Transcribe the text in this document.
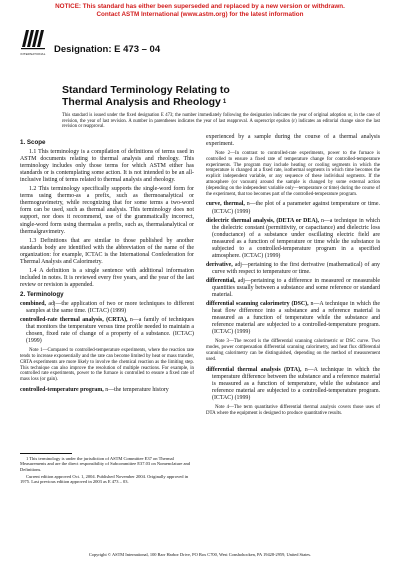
NOTICE: This standard has either been superseded and replaced by a new version or withdrawn.
Contact ASTM International (www.astm.org) for the latest information
INTERNATIONAL Designation: E 473 – 04
Standard Terminology Relating to
Thermal Analysis and Rheology $^1$
This standard is issued under the fixed designation E 473; the number immediately following the designation indicates the year of original adoption or, in the case of revision, the year of last revision. A number in parentheses indicates the year of last reapproval. A superscript epsilon (ε) indicates an editorial change since the last revision or reapproval.
1. Scope

1.1 This terminology is a compilation of definitions of terms used in ASTM documents relating to thermal analysis and rheology. This terminology includes only those terms for which ASTM either has standards or is contemplating some action. It is not intended to be an all-inclusive listing of terms related to thermal analysis and rheology.

1.2 This terminology specifically supports the single-word form for terms using thermo-as a prefix, such as thermoanalytical or thermogravimetry, while recognizing that for some terms a two-word form can be used, such as thermal analysis. This terminology does not support, nor does it recommend, use of the grammatically incorrect, single-word form using thermalas a prefix, such as, thermalanalytical or thermalgravimetry.

1.3 Definitions that are similar to those published by another standards body are identified with the abbreviation of the name of the organization: for example, ICTAC is the International Confederation for Thermal Analysis and Calorimetry.

1.4 A definition is a single sentence with additional information included in notes. It is reviewed every five years, and the year of the last review or revision is appended.

2. Terminology

combined, adj—the application of two or more techniques to different samples at the same time. (ICTAC) (1999)

controlled-rate thermal analysis, (CRTA), n—a family of techniques that monitors the temperature versus time profile needed to maintain a chosen, fixed rate of change of a property of a substance. (ICTAC) (1999)

Note 1—Compared to controlled-temperature experiments, where the reaction rate tends to increase exponentially and the rate can become limited by heat or mass transfer, CRTA experiments are more likely to involve the chemical reaction as the limiting step. This technique can also improve the resolution of multiple reactions. For example, in controlled rate experiments, power to the furnace is controlled to ensure a fixed rate of mass loss (or gain).

controlled-temperature program, n—the temperature history

experienced by a sample during the course of a thermal analysis experiment.

Note 2—In contrast to controlled-rate experiments, power to the furnace is controlled to ensure a fixed rate of temperature change for controlled-temperature experiments. The program may include heating or cooling segments in which the temperature is changed at a fixed rate, isothermal segments in which time becomes the explicit independent variable, or any sequence of these individual segments. If the atmosphere (or vacuum) around the sample is changed by some external action (depending on the independent variable only—temperature or time) during the course of the experiment, that too becomes part of the controlled-temperature program.

curve, thermal, n—the plot of a parameter against temperature or time. (ICTAC) (1999)

dielectric thermal analysis, (DETA or DEA), n—a technique in which the dielectric constant (permittivity, or capacitance) and dielectric loss (conductance) of a substance under oscillating electric field are measured as a function of temperature or time while the substance is subjected to a controlled-temperature program in a specified atmosphere. (ICTAC) (1999)

derivative, adj—pertaining to the first derivative (mathematical) of any curve with respect to temperature or time.

differential, adj—pertaining to a difference in measured or measurable quantities usually between a substance and some reference or standard material.

differential scanning calorimetry (DSC), n—A technique in which the heat flow difference into a substance and a reference material is measured as a function of temperature while the substance and reference material are subjected to a controlled-temperature program. (ICTAC) (1999)

Note 3—The record is the differential scanning calorimetric or DSC curve. Two modes, power compensation differential scanning calorimetry, and heat flux differential scanning calorimetry can be distinguished, depending on the method of measurement used.

differential thermal analysis (DTA), n—A technique in which the temperature difference between the substance and a reference material is measured as a function of temperature, while the substance and reference material are subjected to a controlled-temperature program. (ICTAC) (1999)

Note 4—The term quantitative differential thermal analysis covers those uses of DTA where the equipment is designed to produce quantitative results.

1 This terminology is under the jurisdiction of ASTM Committee E37 on Thermal Measurements and are the direct responsibility of Subcommittee E37.03 on Nomenclature and Definitions.

Current edition approved Oct. 1, 2004. Published November 2004. Originally approved in 1975. Last previous edition approved in 2003 as E 473 – 03.

Copyright © ASTM International, 100 Barr Harbor Drive, PO Box C700, West Conshohocken, PA 19428-2959, United States.
